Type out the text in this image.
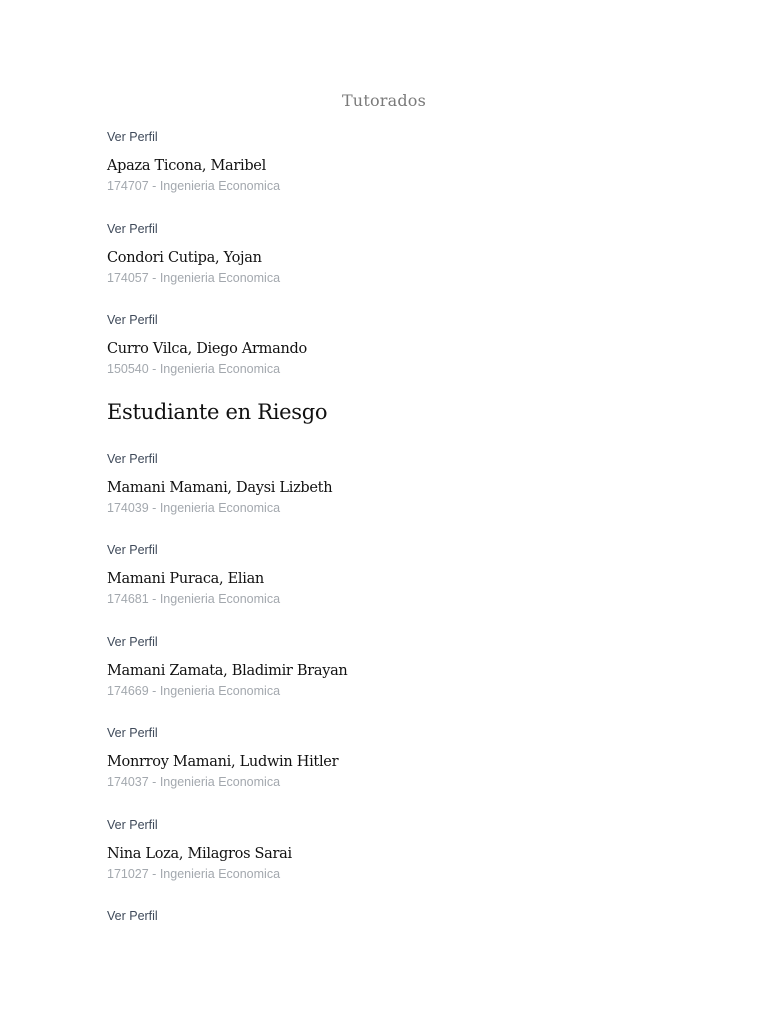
Tutorados
Ver Perfil
Apaza Ticona, Maribel
174707 - Ingenieria Economica
Ver Perfil
Condori Cutipa, Yojan
174057 - Ingenieria Economica
Ver Perfil
Curro Vilca, Diego Armando
150540 - Ingenieria Economica
Estudiante en Riesgo
Ver Perfil
Mamani Mamani, Daysi Lizbeth
174039 - Ingenieria Economica
Ver Perfil
Mamani Puraca, Elian
174681 - Ingenieria Economica
Ver Perfil
Mamani Zamata, Bladimir Brayan
174669 - Ingenieria Economica
Ver Perfil
Monrroy Mamani, Ludwin Hitler
174037 - Ingenieria Economica
Ver Perfil
Nina Loza, Milagros Sarai
171027 - Ingenieria Economica
Ver Perfil
